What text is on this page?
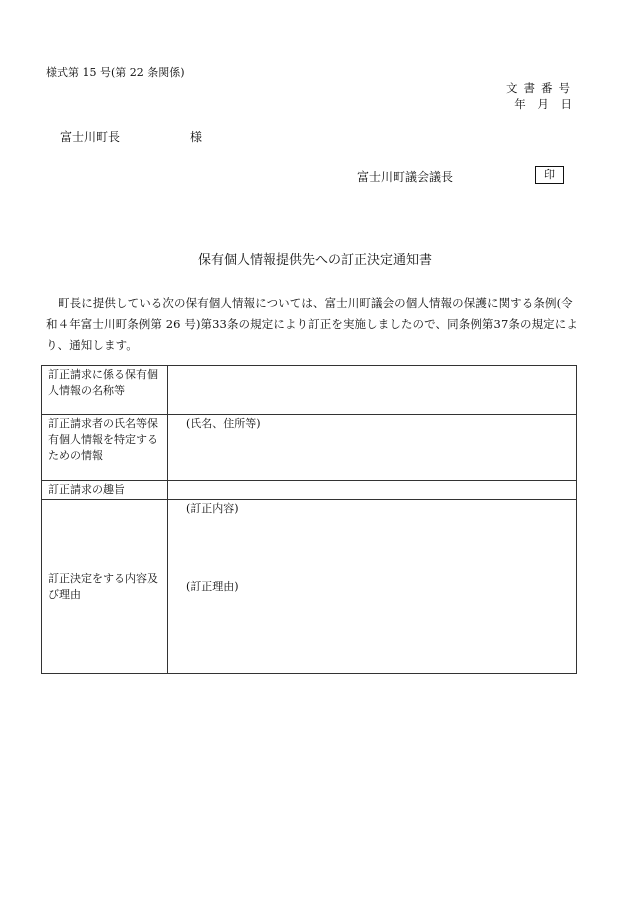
様式第 15 号(第 22 条関係)
文書番号
年 月 日
富士川町長	様
富士川町議会議長	印
保有個人情報提供先への訂正決定通知書
町長に提供している次の保有個人情報については、富士川町議会の個人情報の保護に関する条例(令和４年富士川町条例第 26 号)第33条の規定により訂正を実施しましたので、同条例第37条の規定により、通知します。
訂正請求に係る保有個人情報の名称等	
訂正請求者の氏名等保有個人情報を特定するための情報	(氏名、住所等)

訂正請求の趣旨	
訂正決定をする内容及び理由	(訂正内容)
(訂正理由)
